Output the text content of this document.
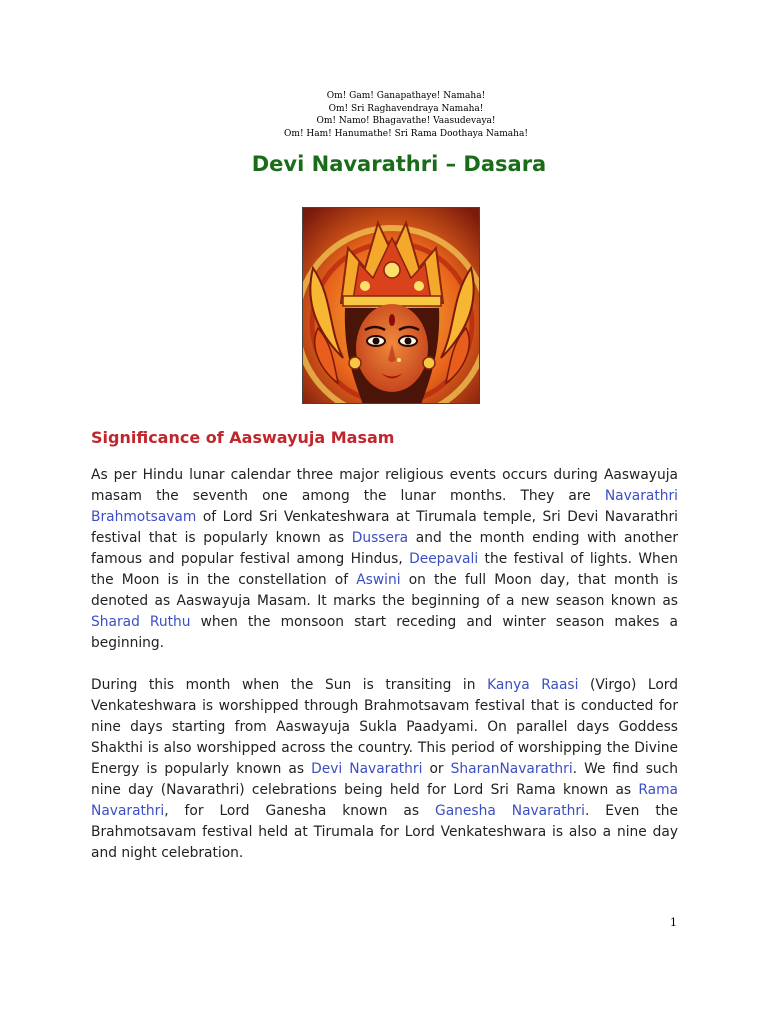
Om! Gam! Ganapathaye! Namaha!
Om! Sri Raghavendraya Namaha!
Om! Namo! Bhagavathe! Vaasudevaya!
Om! Ham! Hanumathe! Sri Rama Doothaya Namaha!
Devi Navarathri – Dasara
Significance of Aaswayuja Masam

As per Hindu lunar calendar three major religious events occurs during Aaswayuja masam the seventh one among the lunar months. They are Navarathri Brahmotsavam of Lord Sri Venkateshwara at Tirumala temple, Sri Devi Navarathri festival that is popularly known as Dussera and the month ending with another famous and popular festival among Hindus, Deepavali the festival of lights. When the Moon is in the constellation of Aswini on the full Moon day, that month is denoted as Aaswayuja Masam. It marks the beginning of a new season known as Sharad Ruthu when the monsoon start receding and winter season makes a beginning.

During this month when the Sun is transiting in Kanya Raasi (Virgo) Lord Venkateshwara is worshipped through Brahmotsavam festival that is conducted for nine days starting from Aaswayuja Sukla Paadyami. On parallel days Goddess Shakthi is also worshipped across the country. This period of worshipping the Divine Energy is popularly known as Devi Navarathri or SharanNavarathri. We find such nine day (Navarathri) celebrations being held for Lord Sri Rama known as Rama Navarathri, for Lord Ganesha known as Ganesha Navarathri. Even the Brahmotsavam festival held at Tirumala for Lord Venkateshwara is also a nine day and night celebration.

1
